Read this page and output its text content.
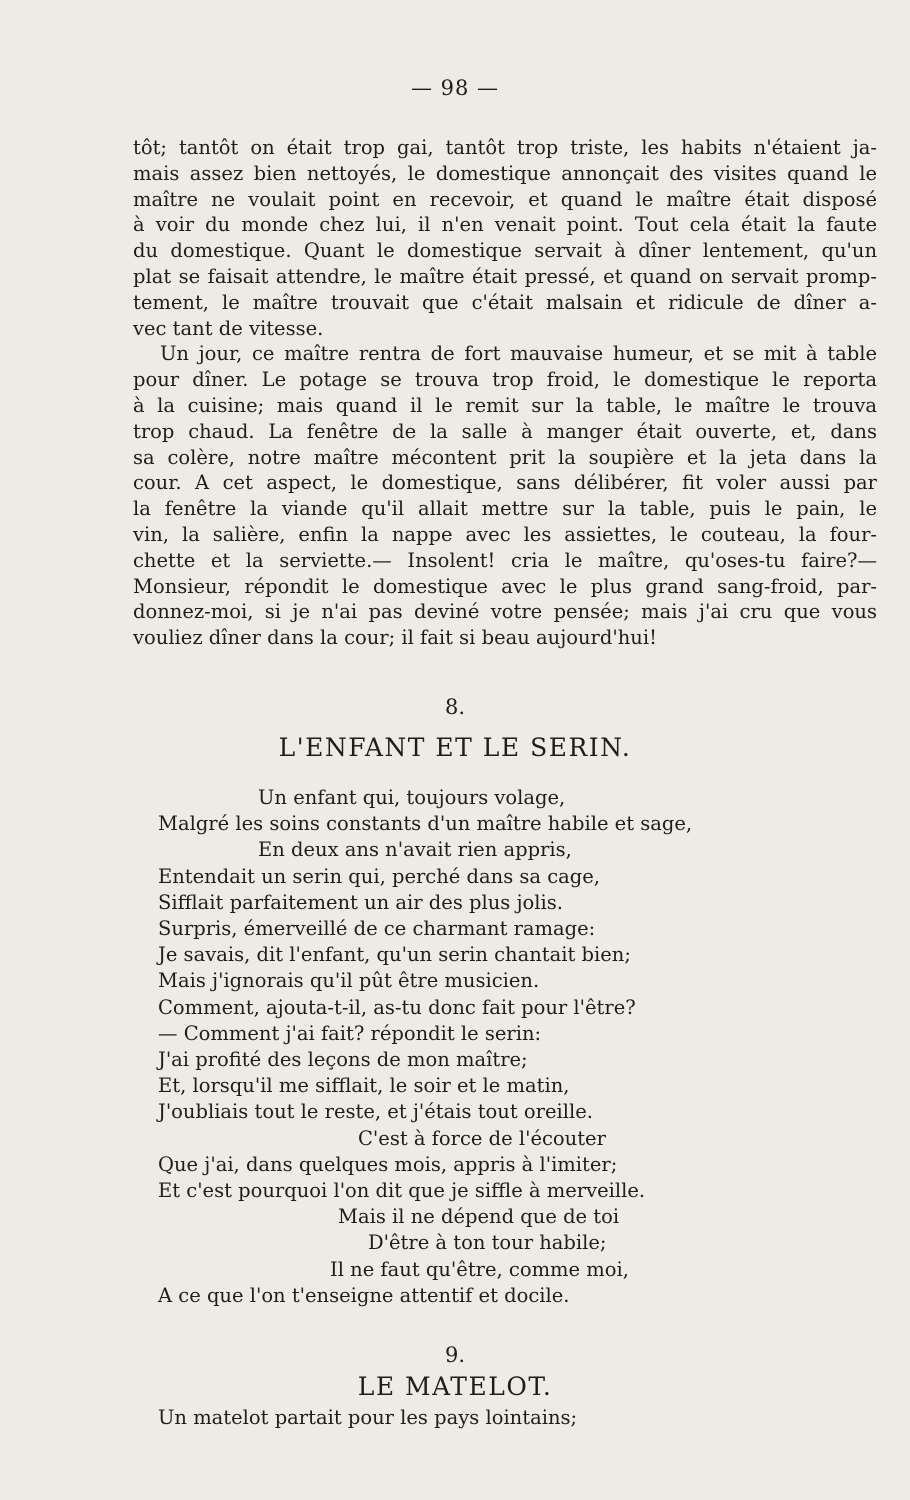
— 98 —
tôt; tantôt on était trop gai, tantôt trop triste, les habits n'étaient ja-
mais assez bien nettoyés, le domestique annonçait des visites quand le
maître ne voulait point en recevoir, et quand le maître était disposé
à voir du monde chez lui, il n'en venait point. Tout cela était la faute
du domestique. Quant le domestique servait à dîner lentement, qu'un
plat se faisait attendre, le maître était pressé, et quand on servait promp-
tement, le maître trouvait que c'était malsain et ridicule de dîner a-
vec tant de vitesse.
Un jour, ce maître rentra de fort mauvaise humeur, et se mit à table
pour dîner. Le potage se trouva trop froid, le domestique le reporta
à la cuisine; mais quand il le remit sur la table, le maître le trouva
trop chaud. La fenêtre de la salle à manger était ouverte, et, dans
sa colère, notre maître mécontent prit la soupière et la jeta dans la
cour. A cet aspect, le domestique, sans délibérer, fit voler aussi par
la fenêtre la viande qu'il allait mettre sur la table, puis le pain, le
vin, la salière, enfin la nappe avec les assiettes, le couteau, la four-
chette et la serviette.— Insolent! cria le maître, qu'oses-tu faire?—
Monsieur, répondit le domestique avec le plus grand sang-froid, par-
donnez-moi, si je n'ai pas deviné votre pensée; mais j'ai cru que vous
vouliez dîner dans la cour; il fait si beau aujourd'hui!
8.
L'ENFANT ET LE SERIN.
Un enfant qui, toujours volage,
Malgré les soins constants d'un maître habile et sage,
En deux ans n'avait rien appris,
Entendait un serin qui, perché dans sa cage,
Sifflait parfaitement un air des plus jolis.
Surpris, émerveillé de ce charmant ramage:
Je savais, dit l'enfant, qu'un serin chantait bien;
Mais j'ignorais qu'il pût être musicien.
Comment, ajouta-t-il, as-tu donc fait pour l'être?
— Comment j'ai fait? répondit le serin:
J'ai profité des leçons de mon maître;
Et, lorsqu'il me sifflait, le soir et le matin,
J'oubliais tout le reste, et j'étais tout oreille.
C'est à force de l'écouter
Que j'ai, dans quelques mois, appris à l'imiter;
Et c'est pourquoi l'on dit que je siffle à merveille.
Mais il ne dépend que de toi
D'être à ton tour habile;
Il ne faut qu'être, comme moi,
A ce que l'on t'enseigne attentif et docile.
9.
LE MATELOT.
Un matelot partait pour les pays lointains;
